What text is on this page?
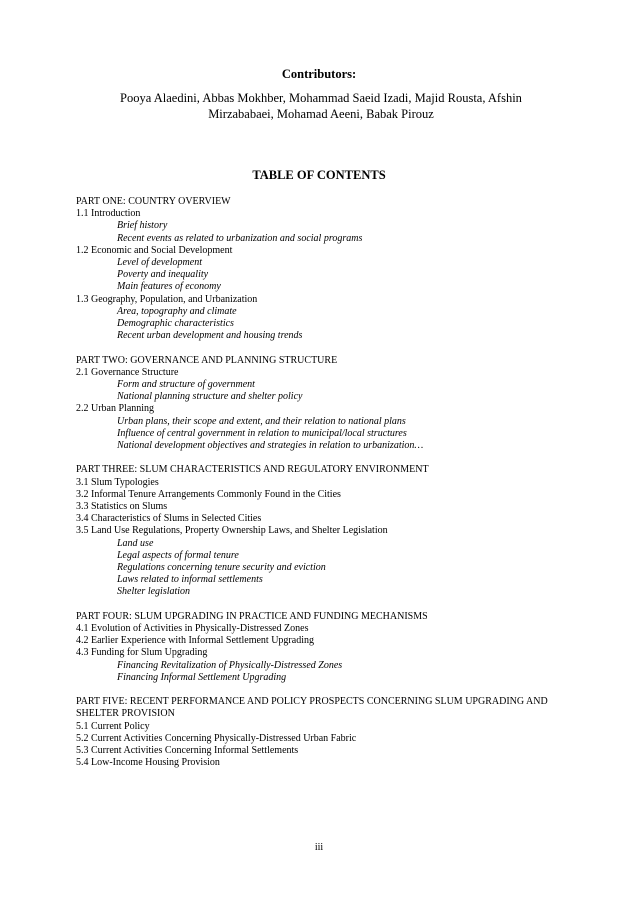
Contributors:
Pooya Alaedini, Abbas Mokhber, Mohammad Saeid Izadi, Majid Rousta, Afshin Mirzababaei, Mohamad Aeeni, Babak Pirouz
TABLE OF CONTENTS
PART ONE: COUNTRY OVERVIEW
1.1 Introduction
Brief history
Recent events as related to urbanization and social programs
1.2 Economic and Social Development
Level of development
Poverty and inequality
Main features of economy
1.3 Geography, Population, and Urbanization
Area, topography and climate
Demographic characteristics
Recent urban development and housing trends
PART TWO: GOVERNANCE AND PLANNING STRUCTURE
2.1 Governance Structure
Form and structure of government
National planning structure and shelter policy
2.2 Urban Planning
Urban plans, their scope and extent, and their relation to national plans
Influence of central government in relation to municipal/local structures
National development objectives and strategies in relation to urbanization…
PART THREE: SLUM CHARACTERISTICS AND REGULATORY ENVIRONMENT
3.1 Slum Typologies
3.2 Informal Tenure Arrangements Commonly Found in the Cities
3.3 Statistics on Slums
3.4 Characteristics of Slums in Selected Cities
3.5 Land Use Regulations, Property Ownership Laws, and Shelter Legislation
Land use
Legal aspects of formal tenure
Regulations concerning tenure security and eviction
Laws related to informal settlements
Shelter legislation
PART FOUR: SLUM UPGRADING IN PRACTICE AND FUNDING MECHANISMS
4.1 Evolution of Activities in Physically-Distressed Zones
4.2 Earlier Experience with Informal Settlement Upgrading
4.3 Funding for Slum Upgrading
Financing Revitalization of Physically-Distressed Zones
Financing Informal Settlement Upgrading
PART FIVE: RECENT PERFORMANCE AND POLICY PROSPECTS CONCERNING SLUM UPGRADING AND SHELTER PROVISION
5.1 Current Policy
5.2 Current Activities Concerning Physically-Distressed Urban Fabric
5.3 Current Activities Concerning Informal Settlements
5.4 Low-Income Housing Provision
iii
